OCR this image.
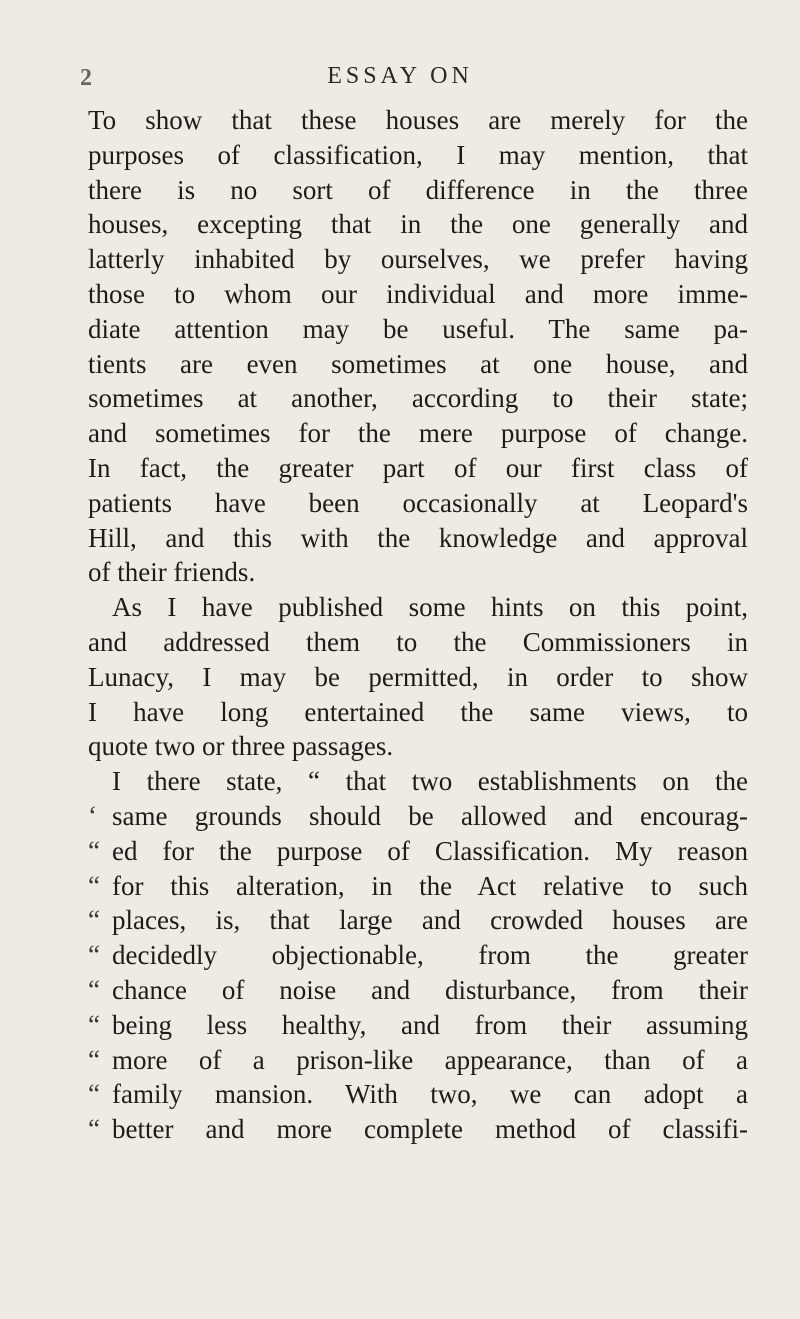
2	ESSAY ON
To show that these houses are merely for the
purposes of classification, I may mention, that
there is no sort of difference in the three
houses, excepting that in the one generally and
latterly inhabited by ourselves, we prefer having
those to whom our individual and more imme-
diate attention may be useful. The same pa-
tients are even sometimes at one house, and
sometimes at another, according to their state;
and sometimes for the mere purpose of change.
In fact, the greater part of our first class of
patients have been occasionally at Leopard's
Hill, and this with the knowledge and approval
of their friends.
As I have published some hints on this point,
and addressed them to the Commissioners in
Lunacy, I may be permitted, in order to show
I have long entertained the same views, to
quote two or three passages.
I there state, “ that two establishments on the
‘ same grounds should be allowed and encourag-
“ ed for the purpose of Classification. My reason
“ for this alteration, in the Act relative to such
“ places, is, that large and crowded houses are
“ decidedly objectionable, from the greater
“ chance of noise and disturbance, from their
“ being less healthy, and from their assuming
“ more of a prison-like appearance, than of a
“ family mansion. With two, we can adopt a
“ better and more complete method of classifi-
